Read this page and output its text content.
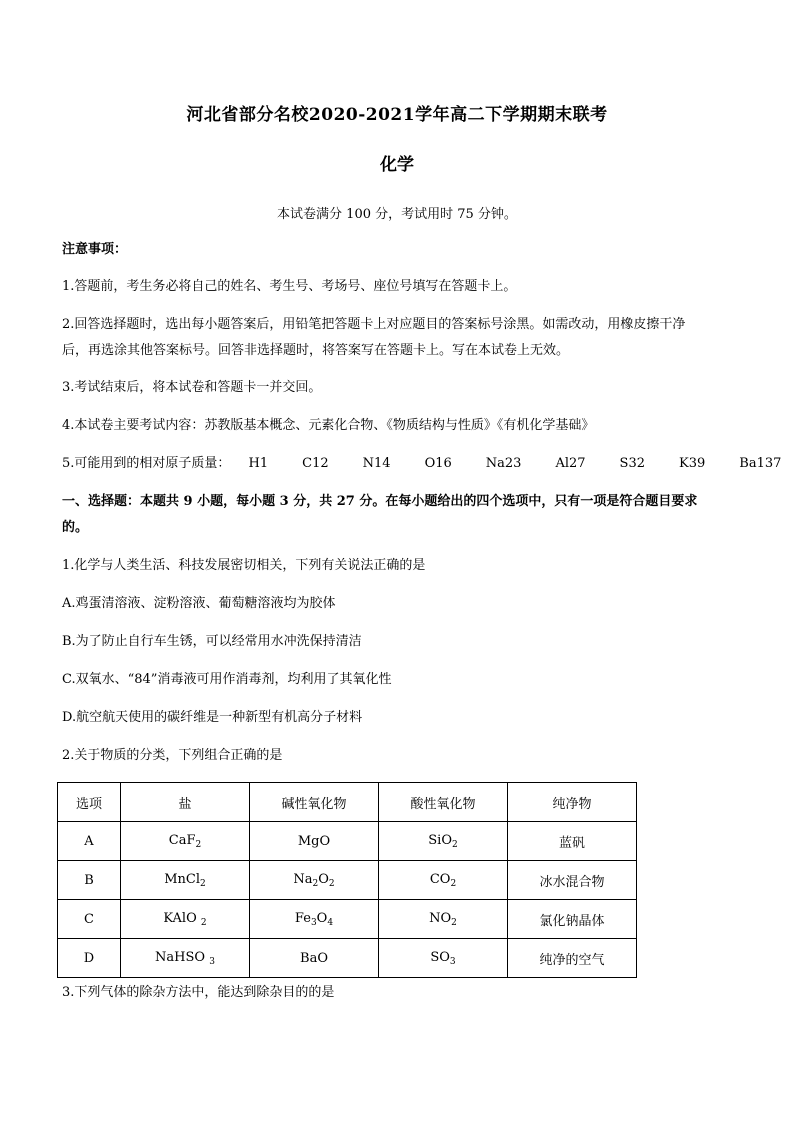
河北省部分名校2020-2021学年高二下学期期末联考
化学
本试卷满分 100 分，考试用时 75 分钟。
注意事项：
1.答题前，考生务必将自己的姓名、考生号、考场号、座位号填写在答题卡上。
2.回答选择题时，选出每小题答案后，用铅笔把答题卡上对应题目的答案标号涂黑。如需改动，用橡皮擦干净
后，再选涂其他答案标号。回答非选择题时，将答案写在答题卡上。写在本试卷上无效。
3.考试结束后，将本试卷和答题卡一并交回。
4.本试卷主要考试内容：苏教版基本概念、元素化合物、《物质结构与性质》《有机化学基础》
5.可能用到的相对原子质量： H1	C12	N14	O16	Na23	Al27	S32	K39	Ba137
一、选择题：本题共 9 小题，每小题 3 分，共 27 分。在每小题给出的四个选项中，只有一项是符合题目要求
的。
1.化学与人类生活、科技发展密切相关，下列有关说法正确的是
A.鸡蛋清溶液、淀粉溶液、葡萄糖溶液均为胶体
B.为了防止自行车生锈，可以经常用水冲洗保持清洁
C.双氧水、“84”消毒液可用作消毒剂，均利用了其氧化性
D.航空航天使用的碳纤维是一种新型有机高分子材料
2.关于物质的分类，下列组合正确的是
选项	盐	碱性氧化物	酸性氧化物	纯净物
A	CaF$_2$	MgO	SiO$_2$	蓝矾
B	MnCl$_2$	$Na_2O_2$	$CO_2$	冰水混合物
C	KAlO $_2$	$Fe_3O_4$	$NO_2$	氯化钠晶体
D	NaHSO $_3$	BaO	$SO_3$	纯净的空气
3.下列气体的除杂方法中，能达到除杂目的的是
